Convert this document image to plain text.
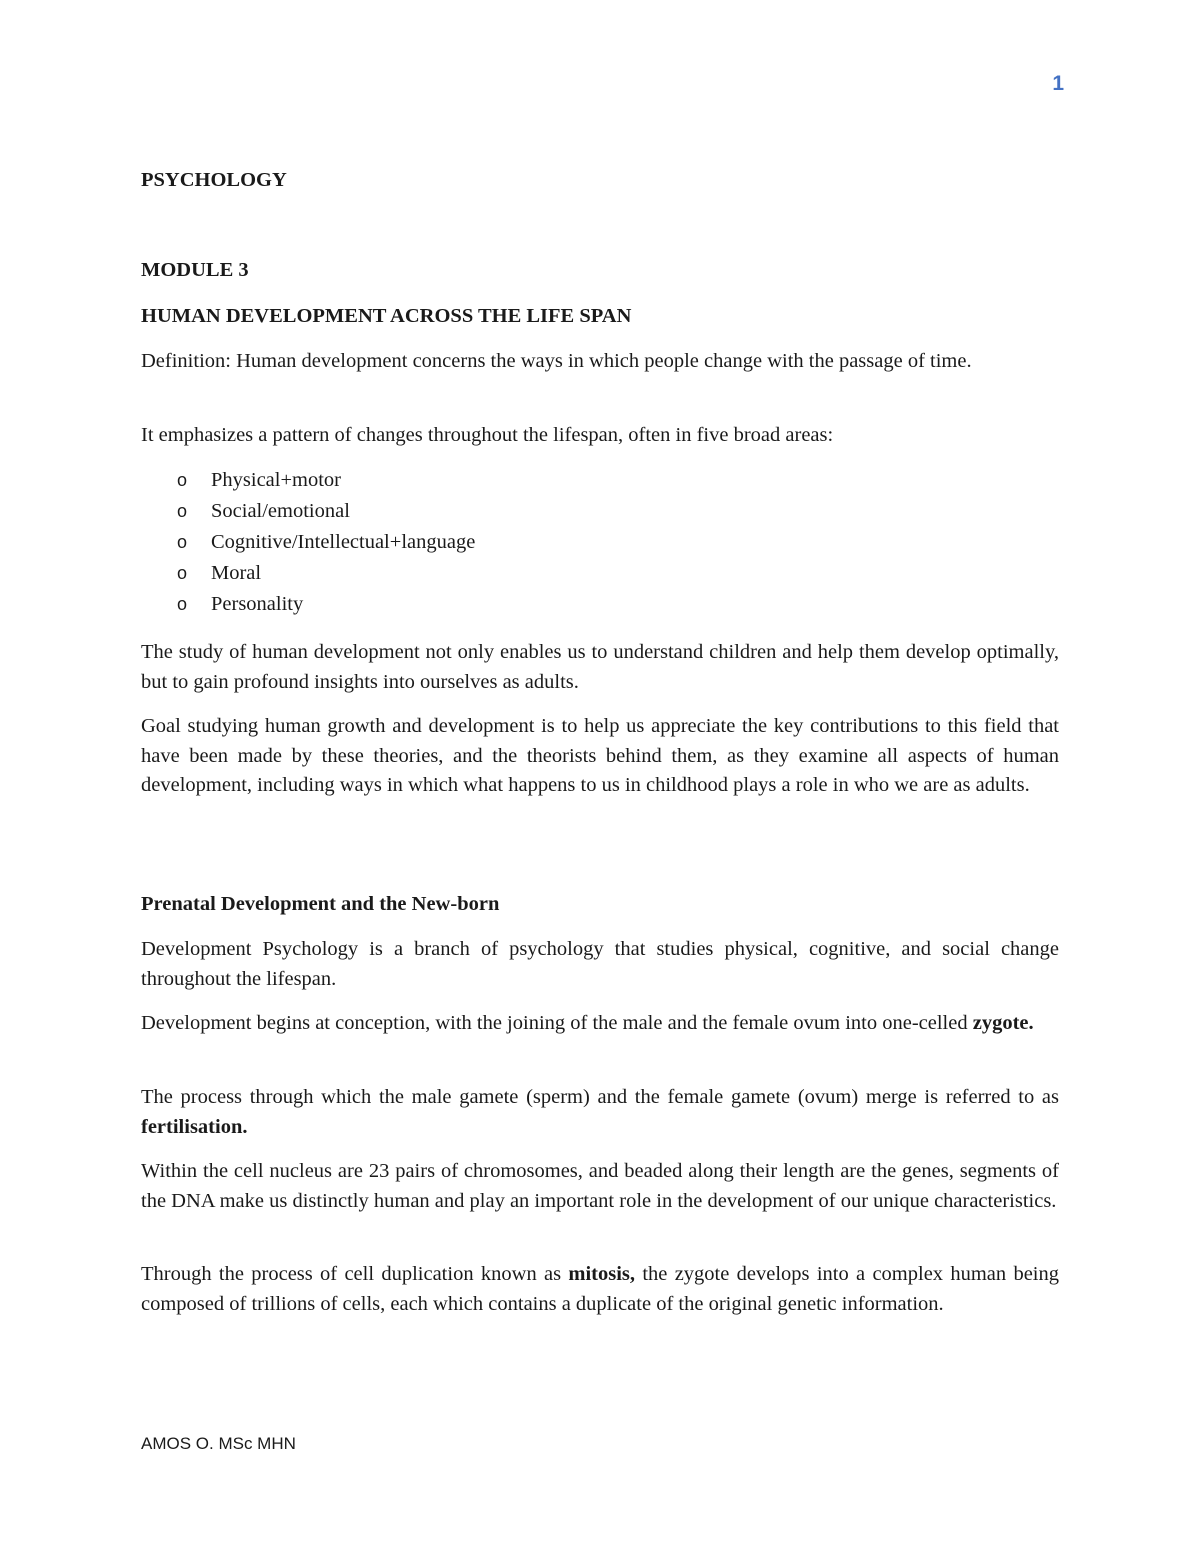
1
PSYCHOLOGY
MODULE 3
HUMAN DEVELOPMENT ACROSS THE LIFE SPAN

Definition: Human development concerns the ways in which people change with the passage of time.

It emphasizes a pattern of changes throughout the lifespan, often in five broad areas:

o Physical+motor
o Social/emotional
o Cognitive/Intellectual+language
o Moral
o Personality

The study of human development not only enables us to understand children and help them develop optimally, but to gain profound insights into ourselves as adults.

Goal studying human growth and development is to help us appreciate the key contributions to this field that have been made by these theories, and the theorists behind them, as they examine all aspects of human development, including ways in which what happens to us in childhood plays a role in who we are as adults.

Prenatal Development and the New-born

Development Psychology is a branch of psychology that studies physical, cognitive, and social change throughout the lifespan.

Development begins at conception, with the joining of the male and the female ovum into one-celled zygote.

The process through which the male gamete (sperm) and the female gamete (ovum) merge is referred to as fertilisation.

Within the cell nucleus are 23 pairs of chromosomes, and beaded along their length are the genes, segments of the DNA make us distinctly human and play an important role in the development of our unique characteristics.

Through the process of cell duplication known as mitosis, the zygote develops into a complex human being composed of trillions of cells, each which contains a duplicate of the original genetic information.

AMOS O. MSc MHN
